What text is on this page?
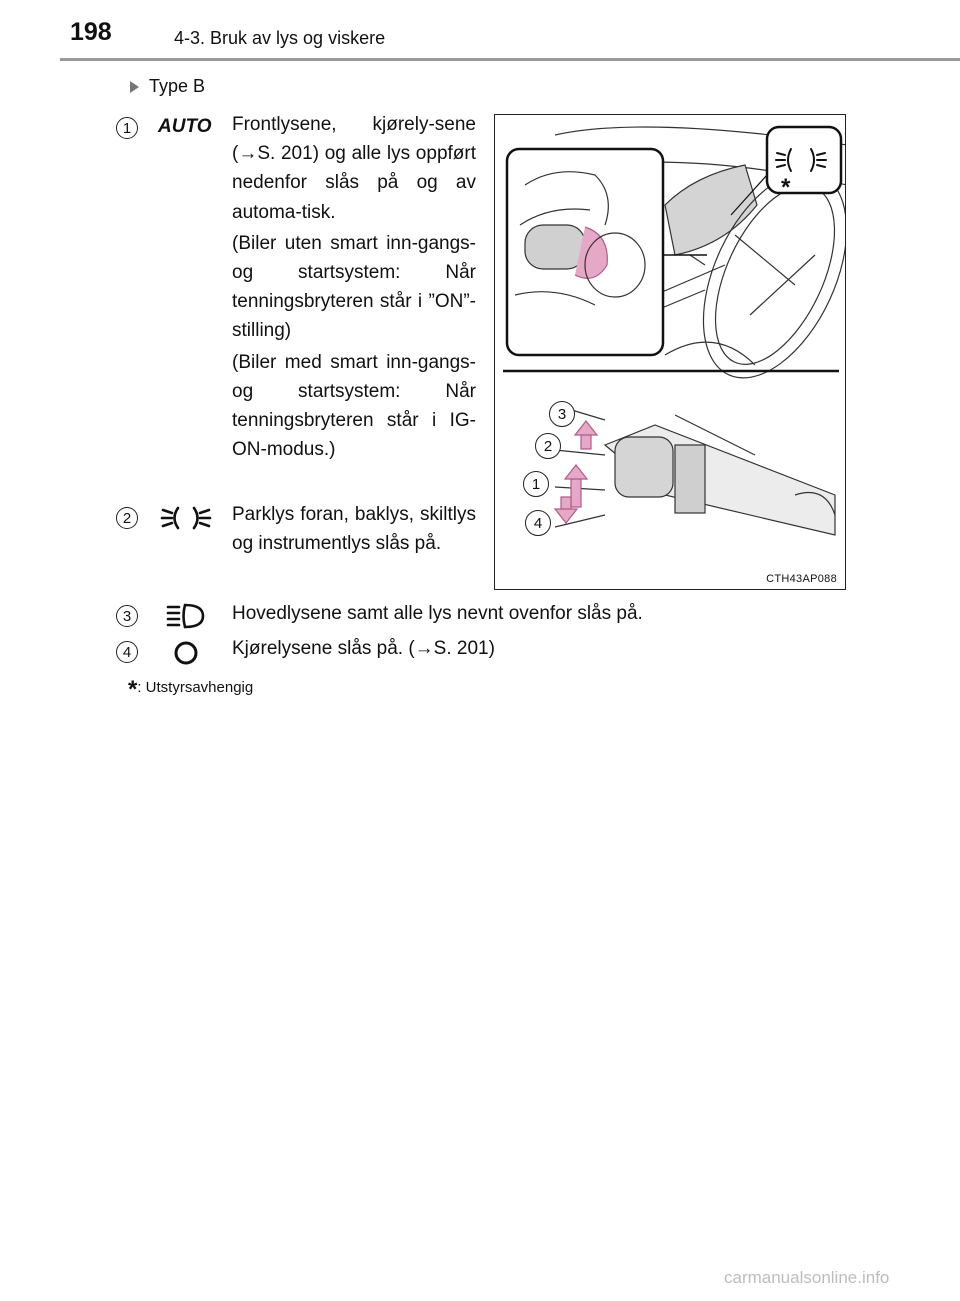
198	4-3. Bruk av lys og viskere
Type B
1	AUTO Frontlysene, kjørely-sene (→S. 201) og alle lys oppført nedenfor slås på og av automa-tisk.

(Biler uten smart inn-gangs- og startsystem: Når tenningsbryteren står i ”ON”-stilling)

(Biler med smart inn-gangs- og startsystem: Når tenningsbryteren står i IG-ON-modus.)

2	Parklys foran, baklys, skiltlys og instrumentlys slås på.

3	Hovedlysene samt alle lys nevnt ovenfor slås på.
4	Kjørelysene slås på. (→S. 201)
*
3
2
1
4
CTH43AP088
*: Utstyrsavhengig
carmanualsonline.info
